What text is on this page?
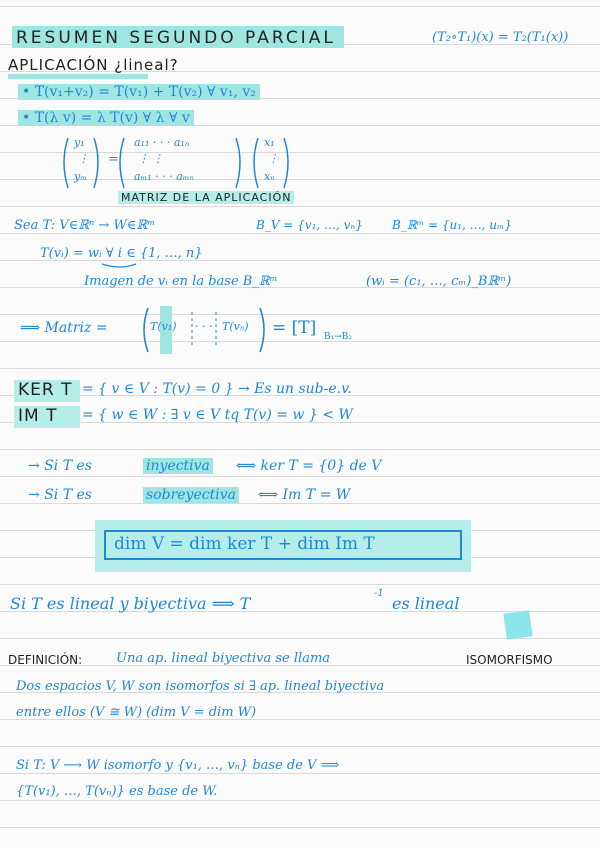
RESUMEN SEGUNDO PARCIAL	(T₂∘T₁)(x) = T₂(T₁(x))
APLICACIÓN ¿lineal?
• T(v₁+v₂) = T(v₁) + T(v₂) ∀ v₁, v₂
• T(λ v) = λ T(v) ∀ λ ∀ v
y₁
⋮
yₘ
=
a₁₁ · · · a₁ₙ
⋮ ⋮
aₘ₁ · · · aₘₙ
x₁
⋮
xₙ
MATRIZ DE LA APLICACIÓN
Sea T: V∈ℝⁿ → W∈ℝᵐ	B_V = {v₁, …, vₙ} B_ℝᵐ = {u₁, …, uₘ}
T(vᵢ) = wᵢ ∀ i ∈ {1, …, n}
Imagen de vᵢ en la base B_ℝᵐ	(wᵢ = (c₁, …, cₘ)_Bℝᵐ)
⟹ Matriz =	T(v₁) · · · T(vₙ) = [T] B₁→B₂
KER T = { v ∈ V : T(v) = 0 } → Es un sub-e.v.
IM T = { w ∈ W : ∃ v ∈ V tq T(v) = w } < W
→ Si T es	inyectiva ⟺ ker T = {0} de V
→ Si T es	sobreyectiva ⟺ Im T = W
dim V = dim ker T + dim Im T
Si T es lineal y biyectiva ⟹ T
-1
es lineal
DEFINICIÓN:	Una ap. lineal biyectiva se llama	ISOMORFISMO
Dos espacios V, W son isomorfos si ∃ ap. lineal biyectiva
entre ellos (V ≅ W) (dim V = dim W)
Si T: V ⟶ W isomorfo y {v₁, …, vₙ} base de V ⟹
{T(v₁), …, T(vₙ)} es base de W.
